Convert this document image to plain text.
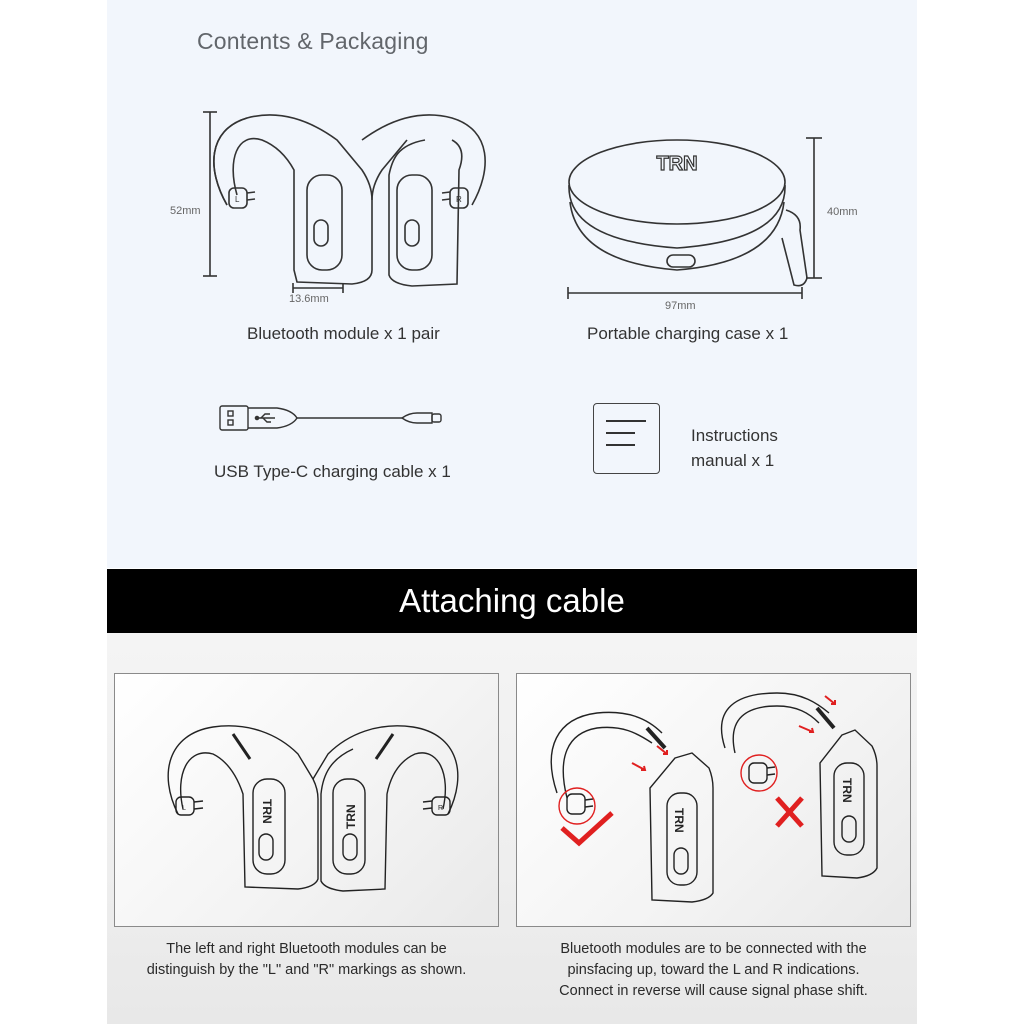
Contents & Packaging
L	R
52mm
13.6mm
Bluetooth module x 1 pair
TRN
40mm
97mm
Portable charging case x 1
USB Type-C charging cable x 1
Instructions
manual x 1
Attaching cable
L	R
TRN	TRN
The left and right Bluetooth modules can be
distinguish by the "L" and "R" markings as shown.
TRN
TRN
Bluetooth modules are to be connected with the
pinsfacing up, toward the L and R indications.
Connect in reverse will cause signal phase shift.
